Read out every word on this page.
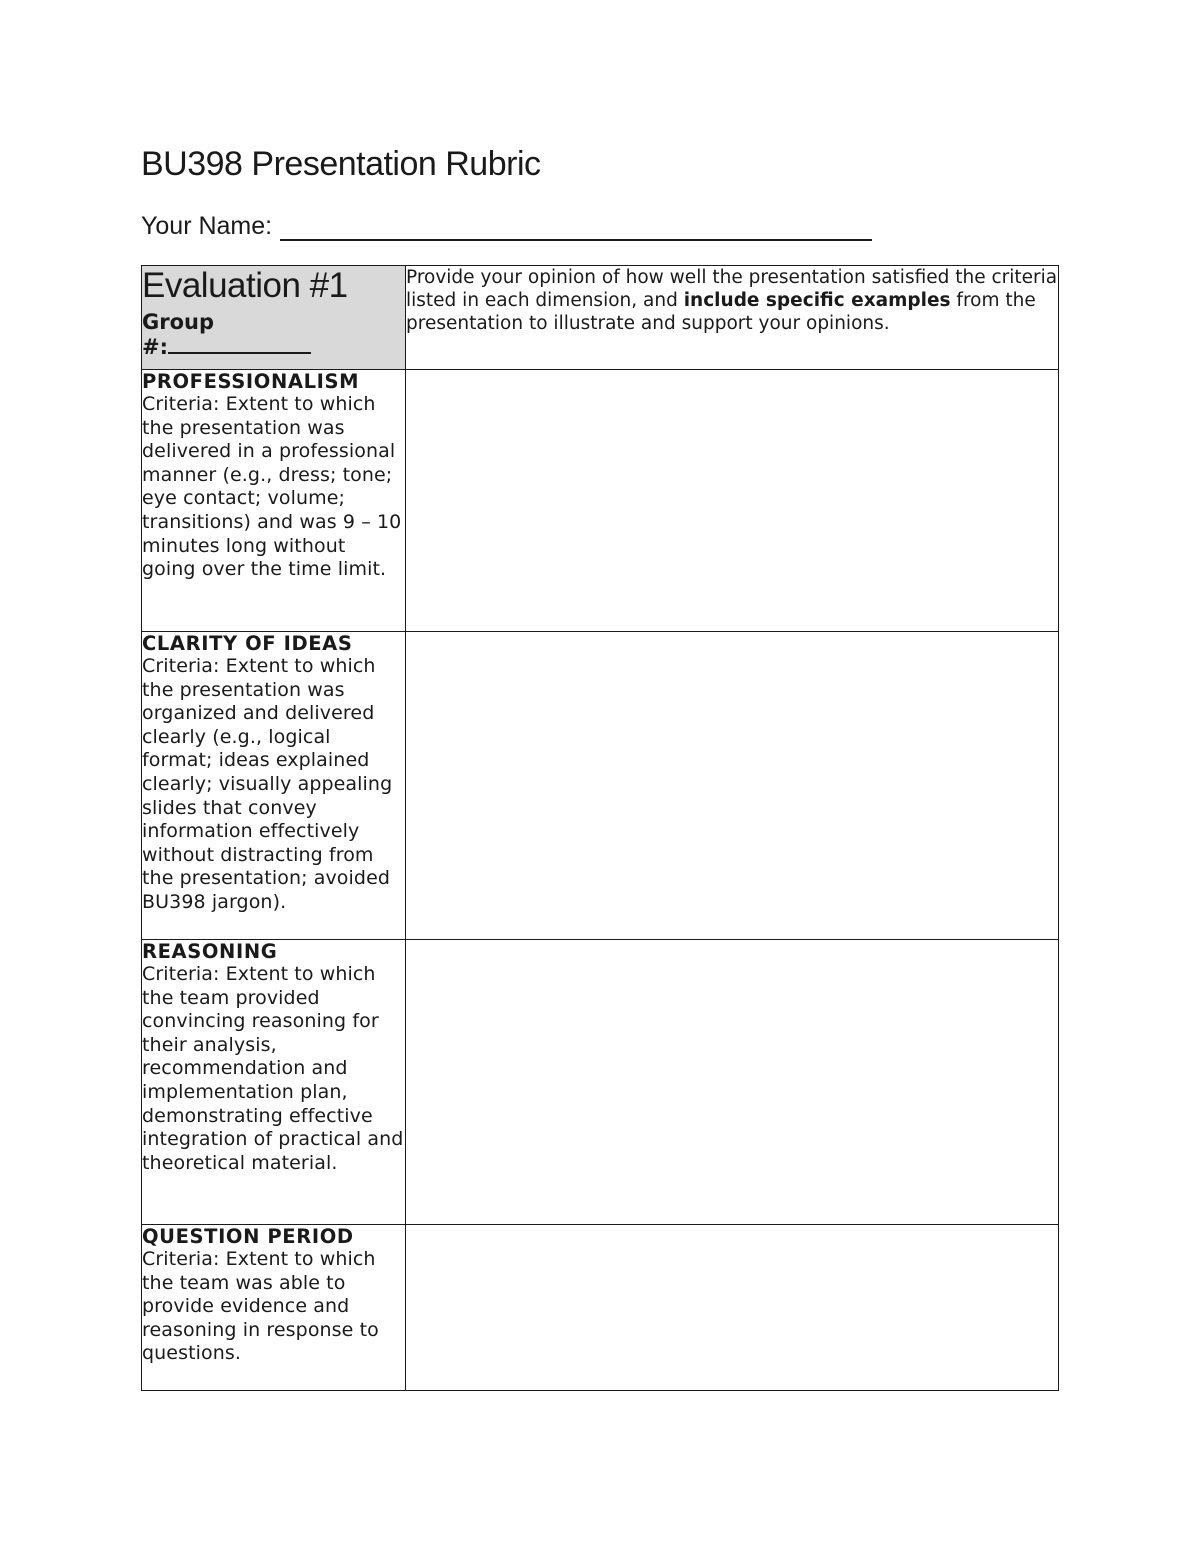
BU398 Presentation Rubric
Your Name:
Evaluation #1
Group
#:	Provide your opinion of how well the presentation satisfied the criteria listed in each dimension, and include specific examples from the presentation to illustrate and support your opinions.

PROFESSIONALISM
Criteria: Extent to which the presentation was delivered in a professional manner (e.g., dress; tone; eye contact; volume; transitions) and was 9 – 10 minutes long without going over the time limit.	

CLARITY OF IDEAS
Criteria: Extent to which the presentation was organized and delivered clearly (e.g., logical format; ideas explained clearly; visually appealing slides that convey information effectively without distracting from the presentation; avoided BU398 jargon).	

REASONING
Criteria: Extent to which the team provided convincing reasoning for their analysis, recommendation and implementation plan, demonstrating effective integration of practical and theoretical material.	

QUESTION PERIOD
Criteria: Extent to which the team was able to provide evidence and reasoning in response to questions.	
